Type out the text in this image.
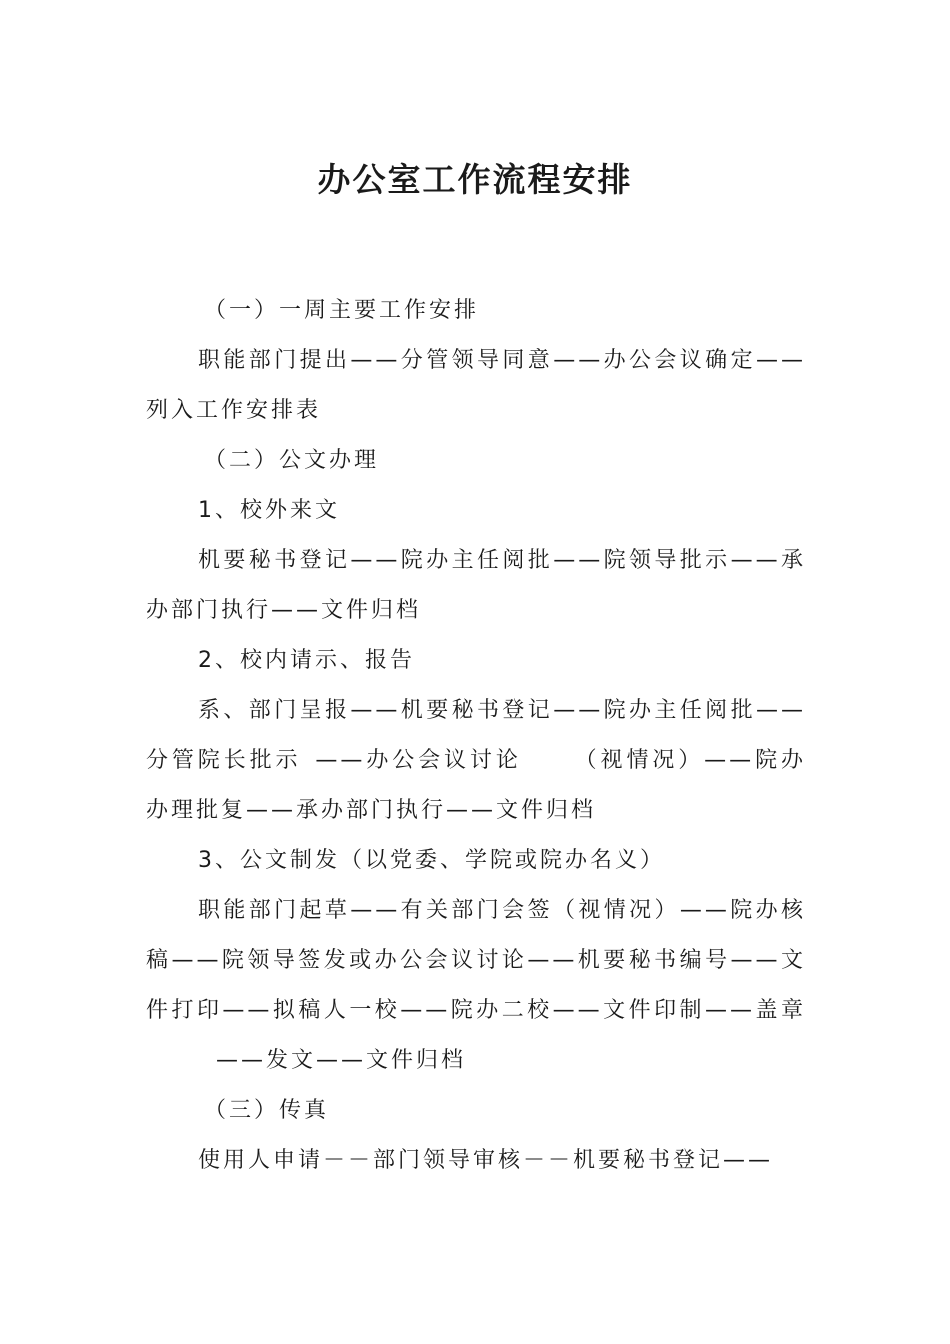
办公室工作流程安排

（一）一周主要工作安排

职能部门提出——分管领导同意——办公会议确定——列入工作安排表

（二）公文办理

1、校外来文

机要秘书登记——院办主任阅批——院领导批示——承办部门执行——文件归档

2、校内请示、报告

系、部门呈报——机要秘书登记——院办主任阅批——分管院长批示 ——办公会议讨论 （视情况）——院办办理批复——承办部门执行——文件归档

3、公文制发（以党委、学院或院办名义）

职能部门起草——有关部门会签（视情况）——院办核稿——院领导签发或办公会议讨论——机要秘书编号——文件打印——拟稿人一校——院办二校——文件印制——盖章——发文——文件归档

（三）传真

使用人申请－－部门领导审核－－机要秘书登记——
